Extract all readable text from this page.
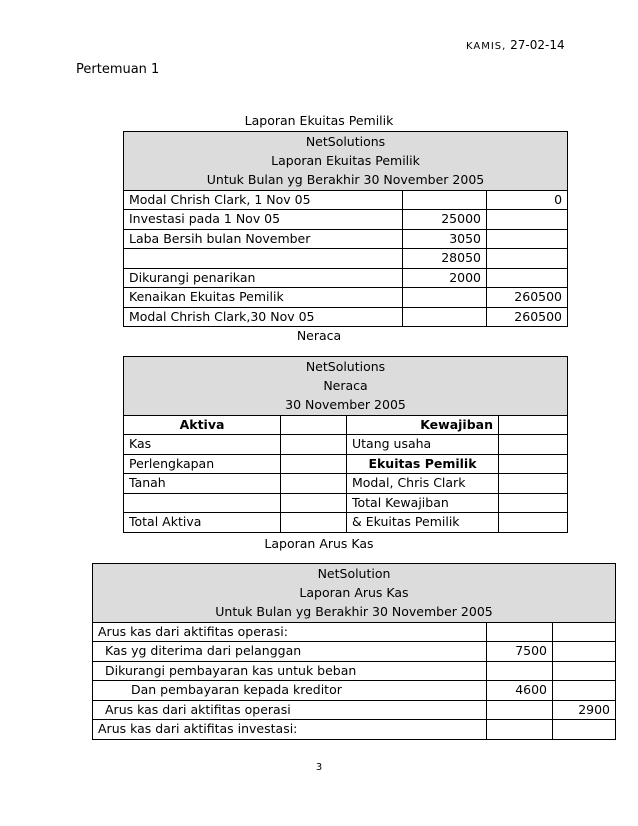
KAMIS, 27-02-14
Pertemuan 1
Laporan Ekuitas Pemilik
NetSolutions		
Laporan Ekuitas Pemilik		
Untuk Bulan yg Berakhir 30 November 2005		
Modal Chrish Clark, 1 Nov 05		0
Investasi pada 1 Nov 05	25000	
Laba Bersih bulan November	3050	
	28050	
Dikurangi penarikan	2000	
Kenaikan Ekuitas Pemilik		260500
Modal Chrish Clark,30 Nov 05		260500
Neraca
NetSolutions			
Neraca			
30 November 2005			
Aktiva		Kewajiban	
Kas		Utang usaha	
Perlengkapan		Ekuitas Pemilik	
Tanah		Modal, Chris Clark	
		Total Kewajiban	
Total Aktiva		& Ekuitas Pemilik	
Laporan Arus Kas
NetSolution		
Laporan Arus Kas		
Untuk Bulan yg Berakhir 30 November 2005		
Arus kas dari aktifitas operasi:		
Kas yg diterima dari pelanggan	7500	
Dikurangi pembayaran kas untuk beban		
Dan pembayaran kepada kreditor	4600	
Arus kas dari aktifitas operasi		2900
Arus kas dari aktifitas investasi:		
3
